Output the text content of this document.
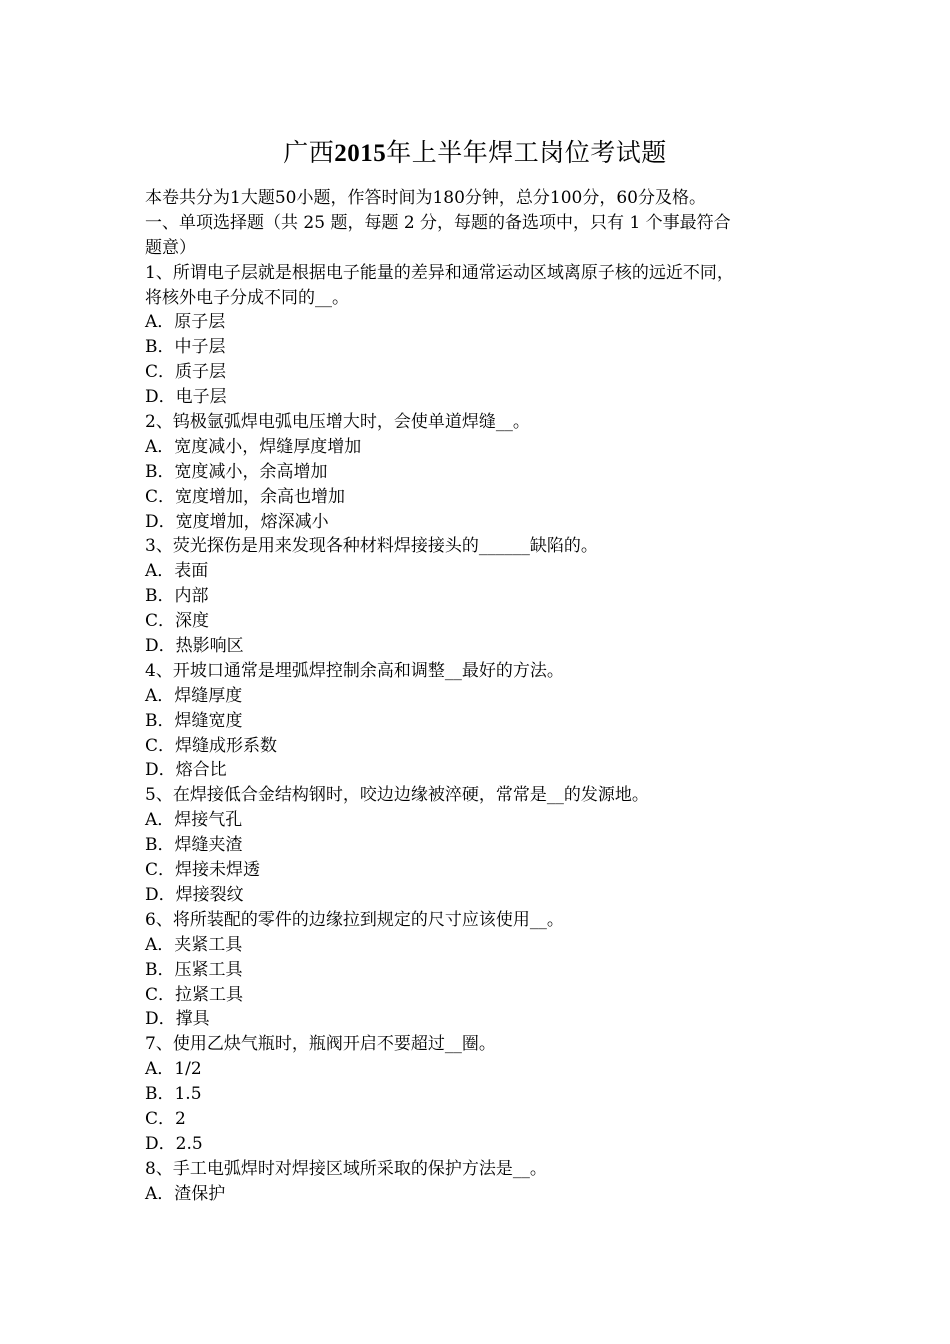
广西2015年上半年焊工岗位考试题
本卷共分为1大题50小题，作答时间为180分钟，总分100分，60分及格。
一、单项选择题（共 25 题，每题 2 分，每题的备选项中，只有 1 个事最符合
题意）
1、所谓电子层就是根据电子能量的差异和通常运动区域离原子核的远近不同，
将核外电子分成不同的__。
A．原子层
B．中子层
C．质子层
D．电子层
2、钨极氩弧焊电弧电压增大时，会使单道焊缝__。
A．宽度减小，焊缝厚度增加
B．宽度减小，余高增加
C．宽度增加，余高也增加
D．宽度增加，熔深减小
3、荧光探伤是用来发现各种材料焊接接头的______缺陷的。
A．表面
B．内部
C．深度
D．热影响区
4、开坡口通常是埋弧焊控制余高和调整__最好的方法。
A．焊缝厚度
B．焊缝宽度
C．焊缝成形系数
D．熔合比
5、在焊接低合金结构钢时，咬边边缘被淬硬，常常是__的发源地。
A．焊接气孔
B．焊缝夹渣
C．焊接未焊透
D．焊接裂纹
6、将所装配的零件的边缘拉到规定的尺寸应该使用__。
A．夹紧工具
B．压紧工具
C．拉紧工具
D．撑具
7、使用乙炔气瓶时，瓶阀开启不要超过__圈。
A．1/2
B．1.5
C．2
D．2.5
8、手工电弧焊时对焊接区域所采取的保护方法是__。
A．渣保护
